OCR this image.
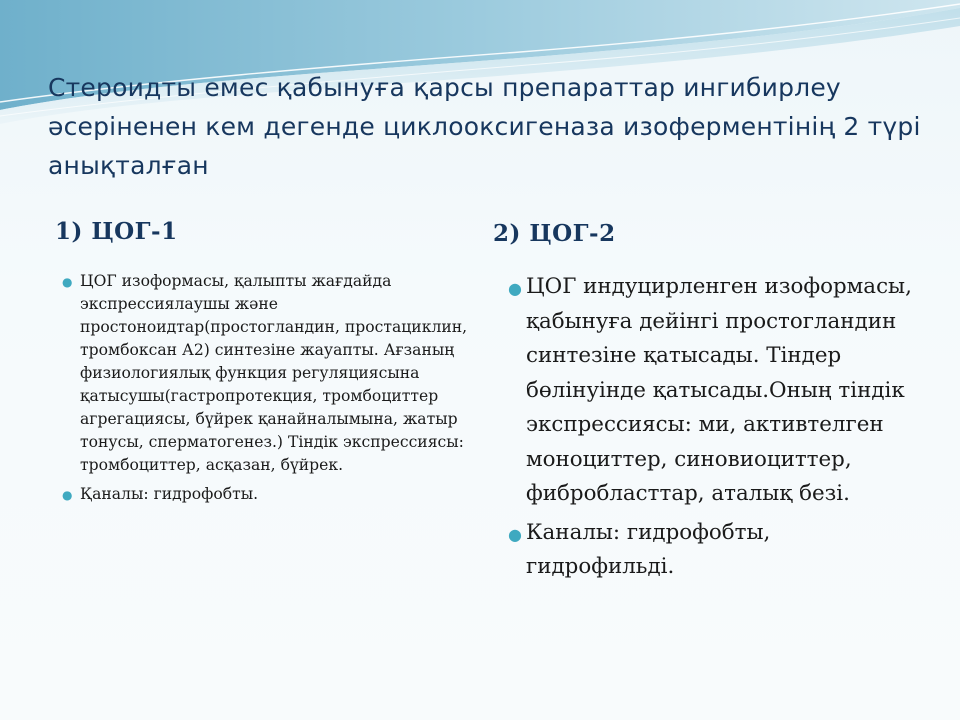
Стероидты емес қабынуға қарсы препараттар ингибирлеу әсеріненен кем дегенде циклооксигеназа изоферментінің 2 түрі анықталған
1) ЦОГ-1	2) ЦОГ-2
● ЦОГ изоформасы, қалыпты жағдайда экспрессиялаушы және простоноидтар(простогландин, простациклин, тромбоксан А2) синтезіне жауапты. Ағзаның физиологиялық функция регуляциясына қатысушы(гастропротекция, тромбоциттер агрегациясы, бүйрек қанайналымына, жатыр тонусы, сперматогенез.) Тіндік экспрессиясы: тромбоциттер, асқазан, бүйрек.
● Қаналы: гидрофобты.
● ЦОГ индуцирленген изоформасы, қабынуға дейінгі простогландин синтезіне қатысады. Тіндер бөлінуінде қатысады.Оның тіндік экспрессиясы: ми, активтелген моноциттер, синовиоциттер, фибробласттар, аталық безі.
● Каналы: гидрофобты, гидрофильді.
